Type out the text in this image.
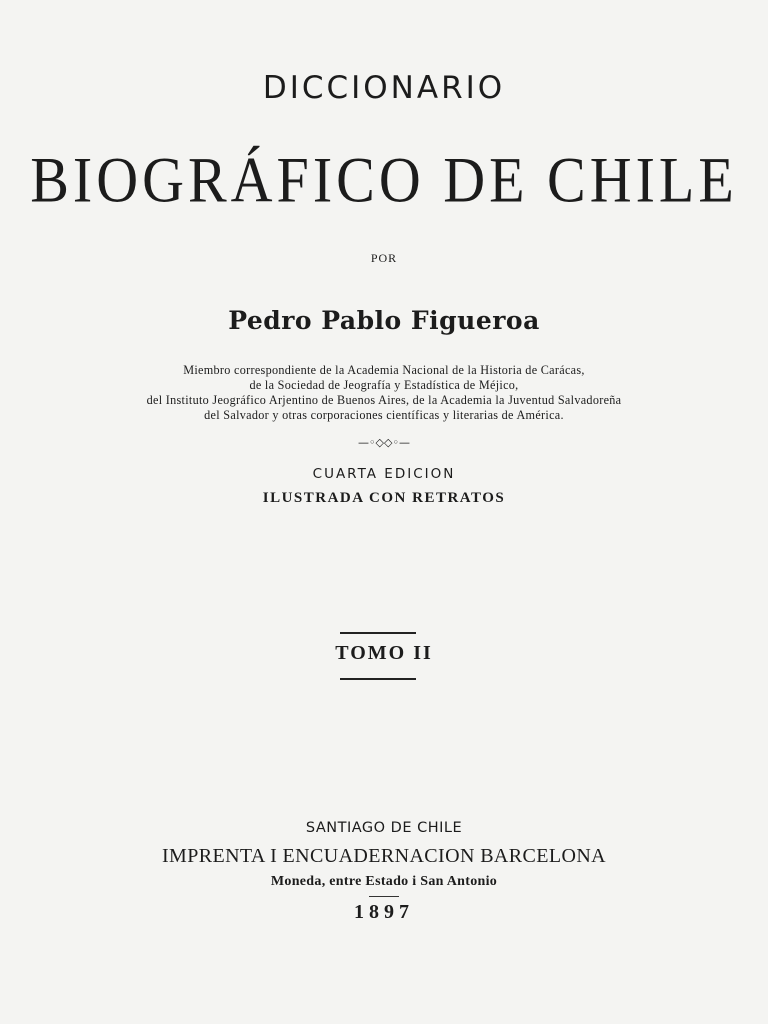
DICCIONARIO
BIOGRÁFICO DE CHILE
POR
Pedro Pablo Figueroa
Miembro correspondiente de la Academia Nacional de la Historia de Carácas,
de la Sociedad de Jeografía y Estadística de Méjico,
del Instituto Jeográfico Arjentino de Buenos Aires, de la Academia la Juventud Salvadoreña
del Salvador y otras corporaciones científicas y literarias de América.
—◦◇◇◦—
CUARTA EDICION
ILUSTRADA CON RETRATOS
TOMO II
SANTIAGO DE CHILE
IMPRENTA I ENCUADERNACION BARCELONA
Moneda, entre Estado i San Antonio
1897
